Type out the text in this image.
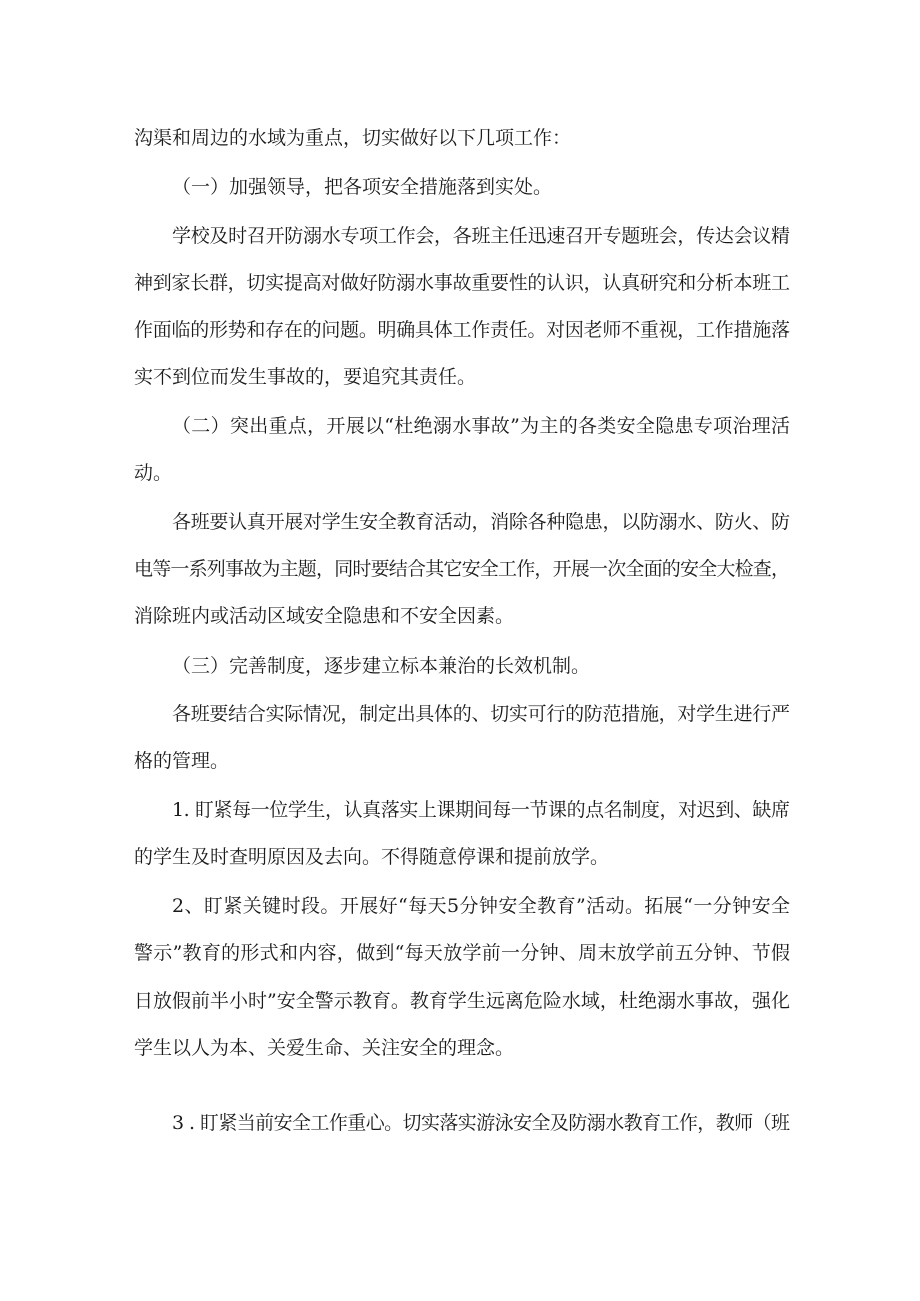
沟渠和周边的水域为重点，切实做好以下几项工作：
（一）加强领导，把各项安全措施落到实处。
学校及时召开防溺水专项工作会，各班主任迅速召开专题班会，传达会议精
神到家长群，切实提高对做好防溺水事故重要性的认识，认真研究和分析本班工
作面临的形势和存在的问题。明确具体工作责任。对因老师不重视，工作措施落
实不到位而发生事故的，要追究其责任。
（二）突出重点，开展以“杜绝溺水事故”为主的各类安全隐患专项治理活
动。
各班要认真开展对学生安全教育活动，消除各种隐患，以防溺水、防火、防
电等一系列事故为主题，同时要结合其它安全工作，开展一次全面的安全大检查，
消除班内或活动区域安全隐患和不安全因素。
（三）完善制度，逐步建立标本兼治的长效机制。
各班要结合实际情况，制定出具体的、切实可行的防范措施，对学生进行严
格的管理。
1. 盯紧每一位学生，认真落实上课期间每一节课的点名制度，对迟到、缺席
的学生及时查明原因及去向。不得随意停课和提前放学。
2、盯紧关键时段。开展好“每天5分钟安全教育”活动。拓展“一分钟安全
警示”教育的形式和内容，做到“每天放学前一分钟、周末放学前五分钟、节假
日放假前半小时”安全警示教育。教育学生远离危险水域，杜绝溺水事故，强化
学生以人为本、关爱生命、关注安全的理念。
3 . 盯紧当前安全工作重心。切实落实游泳安全及防溺水教育工作，教师（班
